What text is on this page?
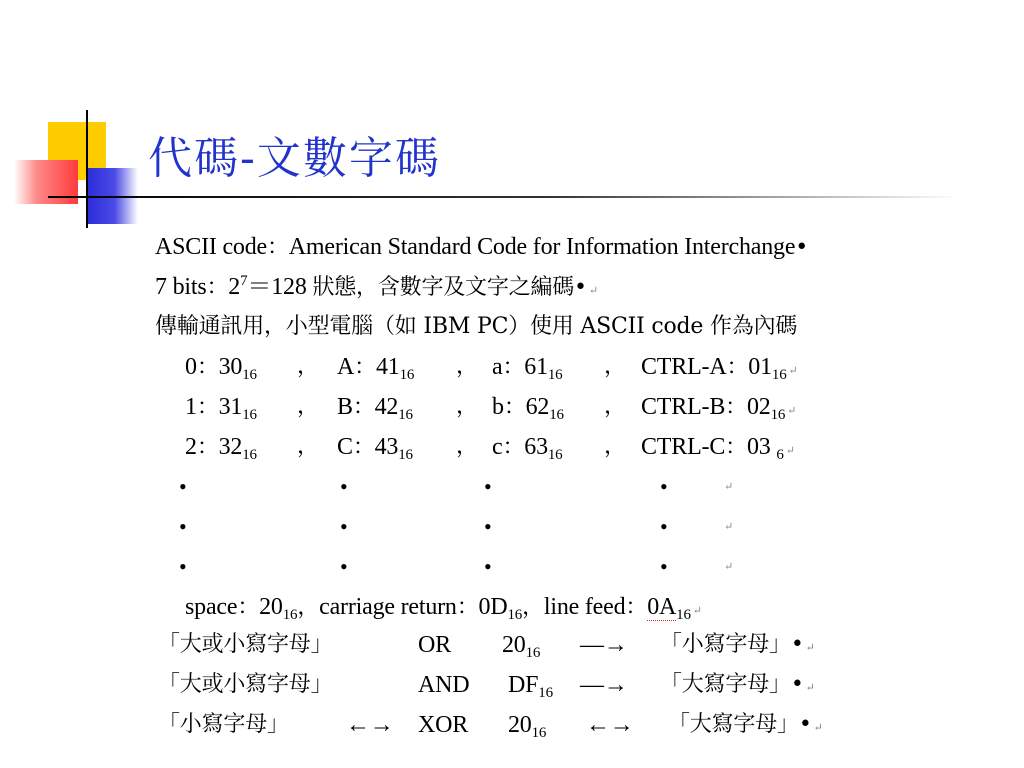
代碼-文數字碼
ASCII code：American Standard Code for Information Interchange•
7 bits：$2^7=128$ 狀態，含數字及文字之編碼• ↵
傳輸通訊用，小型電腦（如 IBM PC）使用 ASCII code 作為內碼
0：$30_{16}$ ， A：$41_{16}$ ， a：$61_{16}$ ， CTRL-A：$01_{16}$ ↵
1：$31_{16}$ ， B：$42_{16}$ ， b：$62_{16}$ ， CTRL-B：$02_{16}$ ↵
2：$32_{16}$ ， C：$43_{16}$ ， c：$63_{16}$ ， CTRL-C：03 $_6$ ↵
•	•	•	•	↵
•	•	•	•	↵
•	•	•	•	↵
space：$20_{16}$，carriage return：$0D_{16}$，line feed：$0A_{16}$ ↵
「大或小寫字母」	OR $20_{16}$ —→ 「小寫字母」• ↵
「大或小寫字母」	AND $DF_{16}$ —→ 「大寫字母」• ↵
「小寫字母」 ←→ XOR $20_{16}$ ←→ 「大寫字母」• ↵
